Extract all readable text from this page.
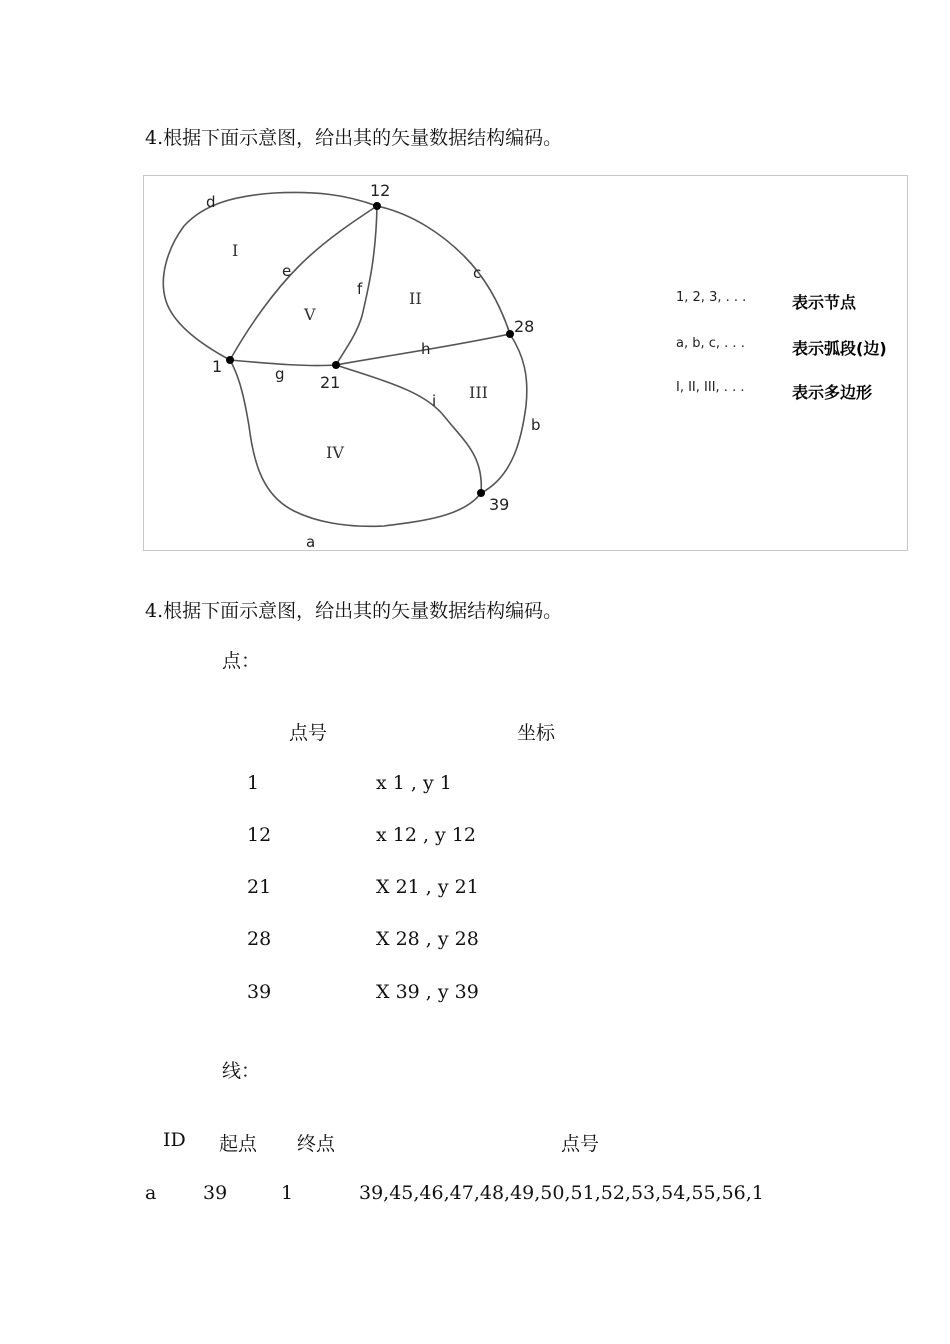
4.根据下面示意图，给出其的矢量数据结构编码。
1
12
21
28
39
a
b
c
d
e
f
g
h
i
I
II
III
IV
V
1, 2, 3, . . .	表示节点
a, b, c, . . .	表示弧段(边)
I, II, III, . . .	表示多边形
4.根据下面示意图，给出其的矢量数据结构编码。
点：
点号	坐标
1	x 1 , y 1
12	x 12 , y 12
21	X 21 , y 21
28	X 28 , y 28
39	X 39 , y 39
线：
ID 起点 终点	点号
a 39	1	39,45,46,47,48,49,50,51,52,53,54,55,56,1
